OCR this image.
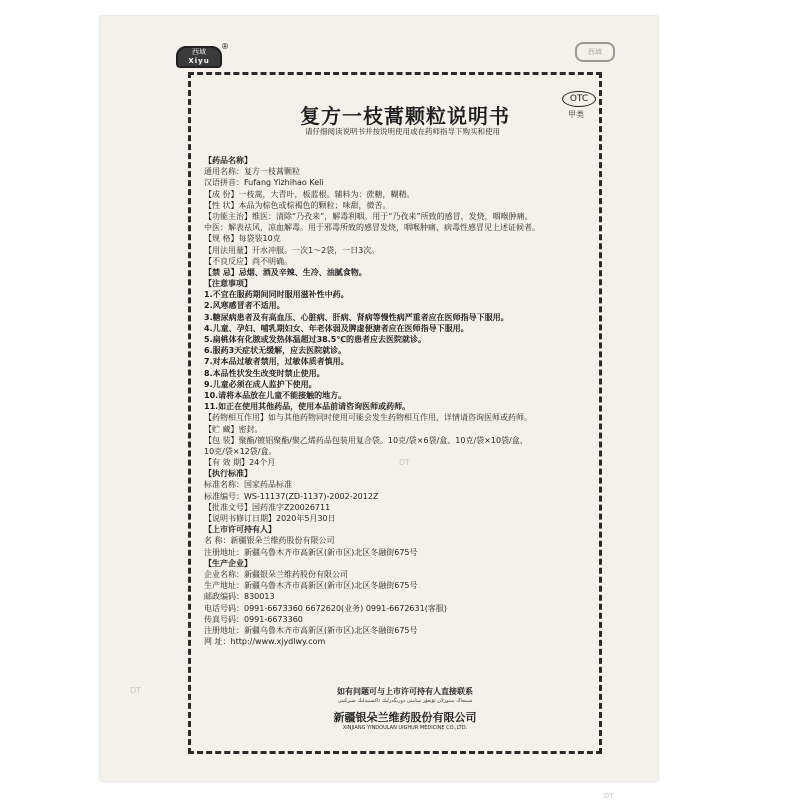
西域
Xiyu
®
西域
OTC
甲类
复方一枝蒿颗粒说明书
请仔细阅读说明书并按说明使用或在药师指导下购买和使用
【药品名称】
通用名称：复方一枝蒿颗粒
汉语拼音：Fufang Yizhihao Keli
【成 份】一枝蒿，大青叶，板蓝根。辅料为：蔗糖，糊精。
【性 状】本品为棕色或棕褐色的颗粒；味甜，微苦。
【功能主治】维医：清除“乃孜来”，解毒利咽。用于“乃孜来”所致的感冒，发烧，咽喉肿痛。
中医：解表祛风，凉血解毒。用于邪毒所致的感冒发烧，咽喉肿痛，病毒性感冒见上述证候者。
【规 格】每袋装10克
【用法用量】开水冲服。一次1～2袋，一日3次。
【不良反应】尚不明确。
【禁 忌】忌烟、酒及辛辣、生冷、油腻食物。
【注意事项】
1.不宜在服药期间同时服用滋补性中药。
2.风寒感冒者不适用。
3.糖尿病患者及有高血压、心脏病、肝病、肾病等慢性病严重者应在医师指导下服用。
4.儿童、孕妇、哺乳期妇女、年老体弱及脾虚便溏者应在医师指导下服用。
5.扁桃体有化脓或发热体温超过38.5℃的患者应去医院就诊。
6.服药3天症状无缓解，应去医院就诊。
7.对本品过敏者禁用，过敏体质者慎用。
8.本品性状发生改变时禁止使用。
9.儿童必须在成人监护下使用。
10.请将本品放在儿童不能接触的地方。
11.如正在使用其他药品，使用本品前请咨询医师或药师。
【药物相互作用】如与其他药物同时使用可能会发生药物相互作用，详情请咨询医师或药师。
【贮 藏】密封。
【包 装】聚酯/镀铝聚酯/聚乙烯药品包装用复合袋。10克/袋×6袋/盒、10克/袋×10袋/盒、
10克/袋×12袋/盒。
【有 效 期】24个月
【执行标准】
标准名称：国家药品标准
标准编号：WS-11137(ZD-1137)-2002-2012Z
【批准文号】国药准字Z20026711
【说明书修订日期】2020年5月30日
【上市许可持有人】
名 称：新疆银朵兰维药股份有限公司
注册地址：新疆乌鲁木齐市高新区(新市区)北区冬融街675号
【生产企业】
企业名称：新疆银朵兰维药股份有限公司
生产地址：新疆乌鲁木齐市高新区(新市区)北区冬融街675号
邮政编码：830013
电话号码：0991-6673360 6672620(业务) 0991-6672631(客服)
传真号码：0991-6673360
注册地址：新疆乌鲁木齐市高新区(新市区)北区冬融街675号
网 址：http://www.xjydlwy.com
如有问题可与上市许可持有人直接联系
شىنجاڭ يىنتوزلان ئۇيغۇر تېبابىتى دورىگەرلىك ئاكسىيەلىك شىركىتى
新疆银朵兰维药股份有限公司
XINJIANG YINDOULAN UIGHUR MEDICINE CO.,LTD.
DT
DT
DT
